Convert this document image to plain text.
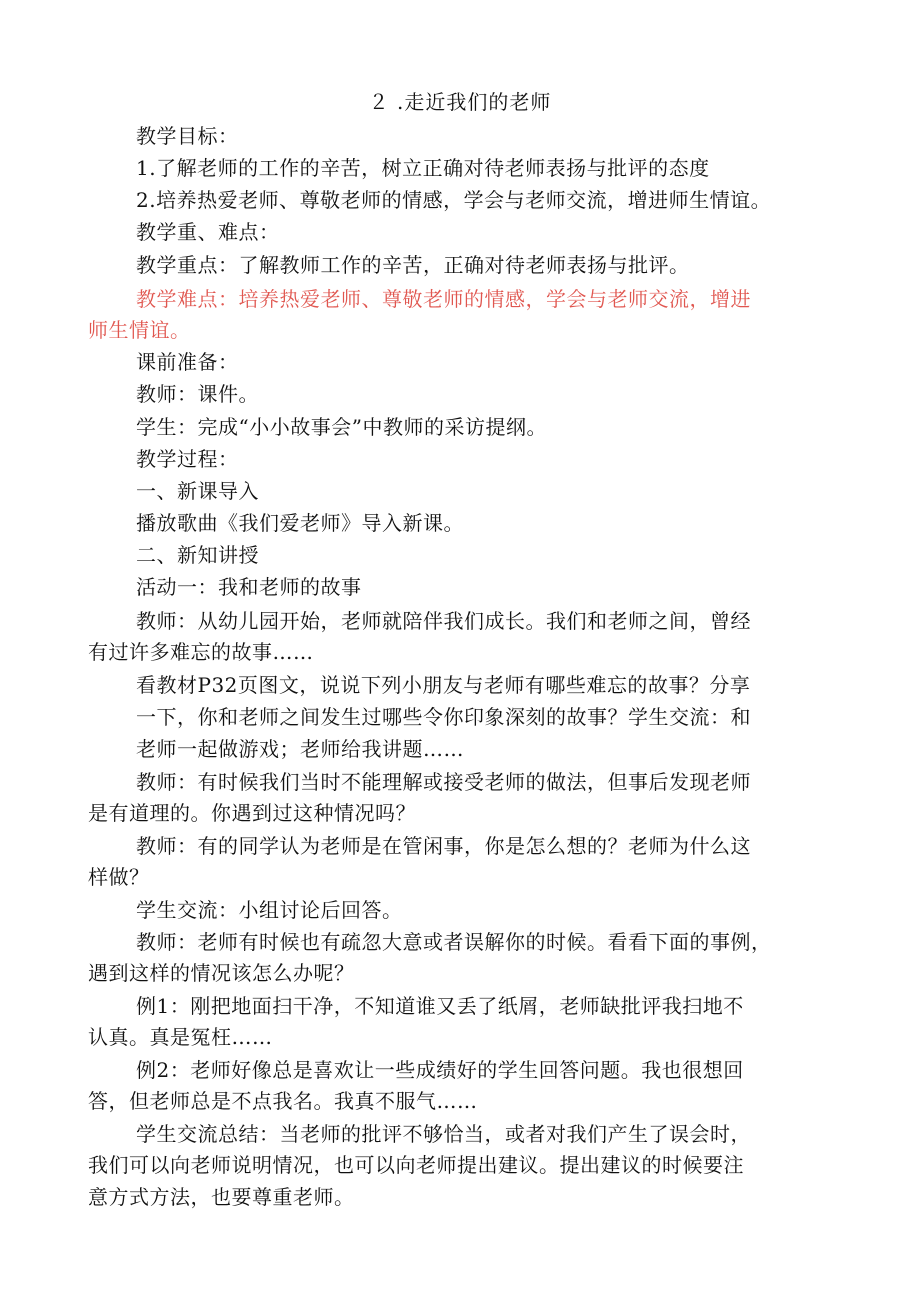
２ .走近我们的老师
教学目标：
1.了解老师的工作的辛苦，树立正确对待老师表扬与批评的态度
2.培养热爱老师、尊敬老师的情感，学会与老师交流，增进师生情谊。
教学重、难点：
教学重点：了解教师工作的辛苦，正确对待老师表扬与批评。
教学难点：培养热爱老师、尊敬老师的情感，学会与老师交流，增进
师生情谊。
课前准备：
教师：课件。
学生：完成“小小故事会”中教师的采访提纲。
教学过程：
一、新课导入
播放歌曲《我们爱老师》导入新课。
二、新知讲授
活动一：我和老师的故事
教师：从幼儿园开始，老师就陪伴我们成长。我们和老师之间，曾经
有过许多难忘的故事……
看教材P32页图文，说说下列小朋友与老师有哪些难忘的故事？分享
一下，你和老师之间发生过哪些令你印象深刻的故事？学生交流：和
老师一起做游戏；老师给我讲题……
教师：有时候我们当时不能理解或接受老师的做法，但事后发现老师
是有道理的。你遇到过这种情况吗？
教师：有的同学认为老师是在管闲事，你是怎么想的？老师为什么这
样做？
学生交流：小组讨论后回答。
教师：老师有时候也有疏忽大意或者误解你的时候。看看下面的事例，
遇到这样的情况该怎么办呢？
例1：刚把地面扫干净，不知道谁又丢了纸屑，老师缺批评我扫地不
认真。真是冤枉……
例2：老师好像总是喜欢让一些成绩好的学生回答问题。我也很想回
答，但老师总是不点我名。我真不服气……
学生交流总结：当老师的批评不够恰当，或者对我们产生了误会时，
我们可以向老师说明情况，也可以向老师提出建议。提出建议的时候要注
意方式方法，也要尊重老师。
